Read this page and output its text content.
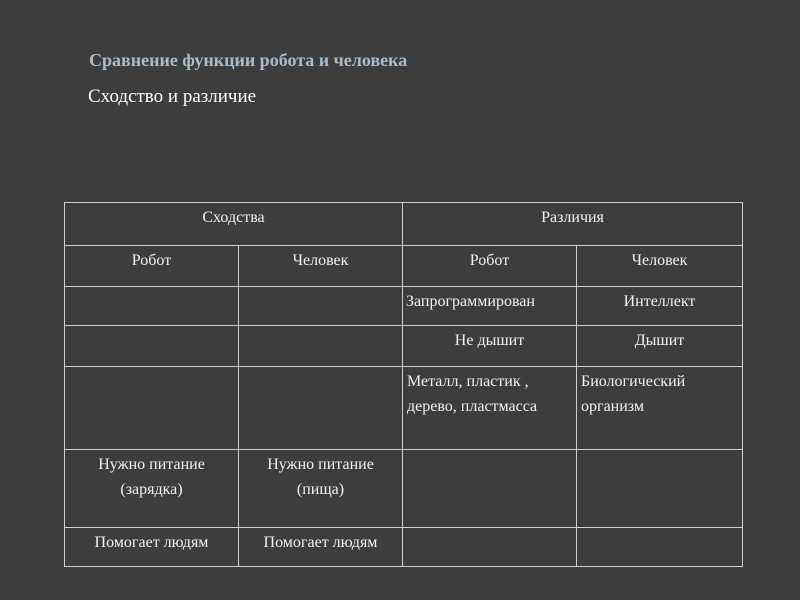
Сравнение функции робота и человека
Сходство и различие
Сходства		Различия	
Робот	Человек	Робот	Человек
		Запрограммирован	Интеллект
		Не дышит	Дышит
		Металл, пластик , дерево, пластмасса	Биологический организм
Нужно питание (зарядка)	Нужно питание (пища)		
Помогает людям	Помогает людям		
